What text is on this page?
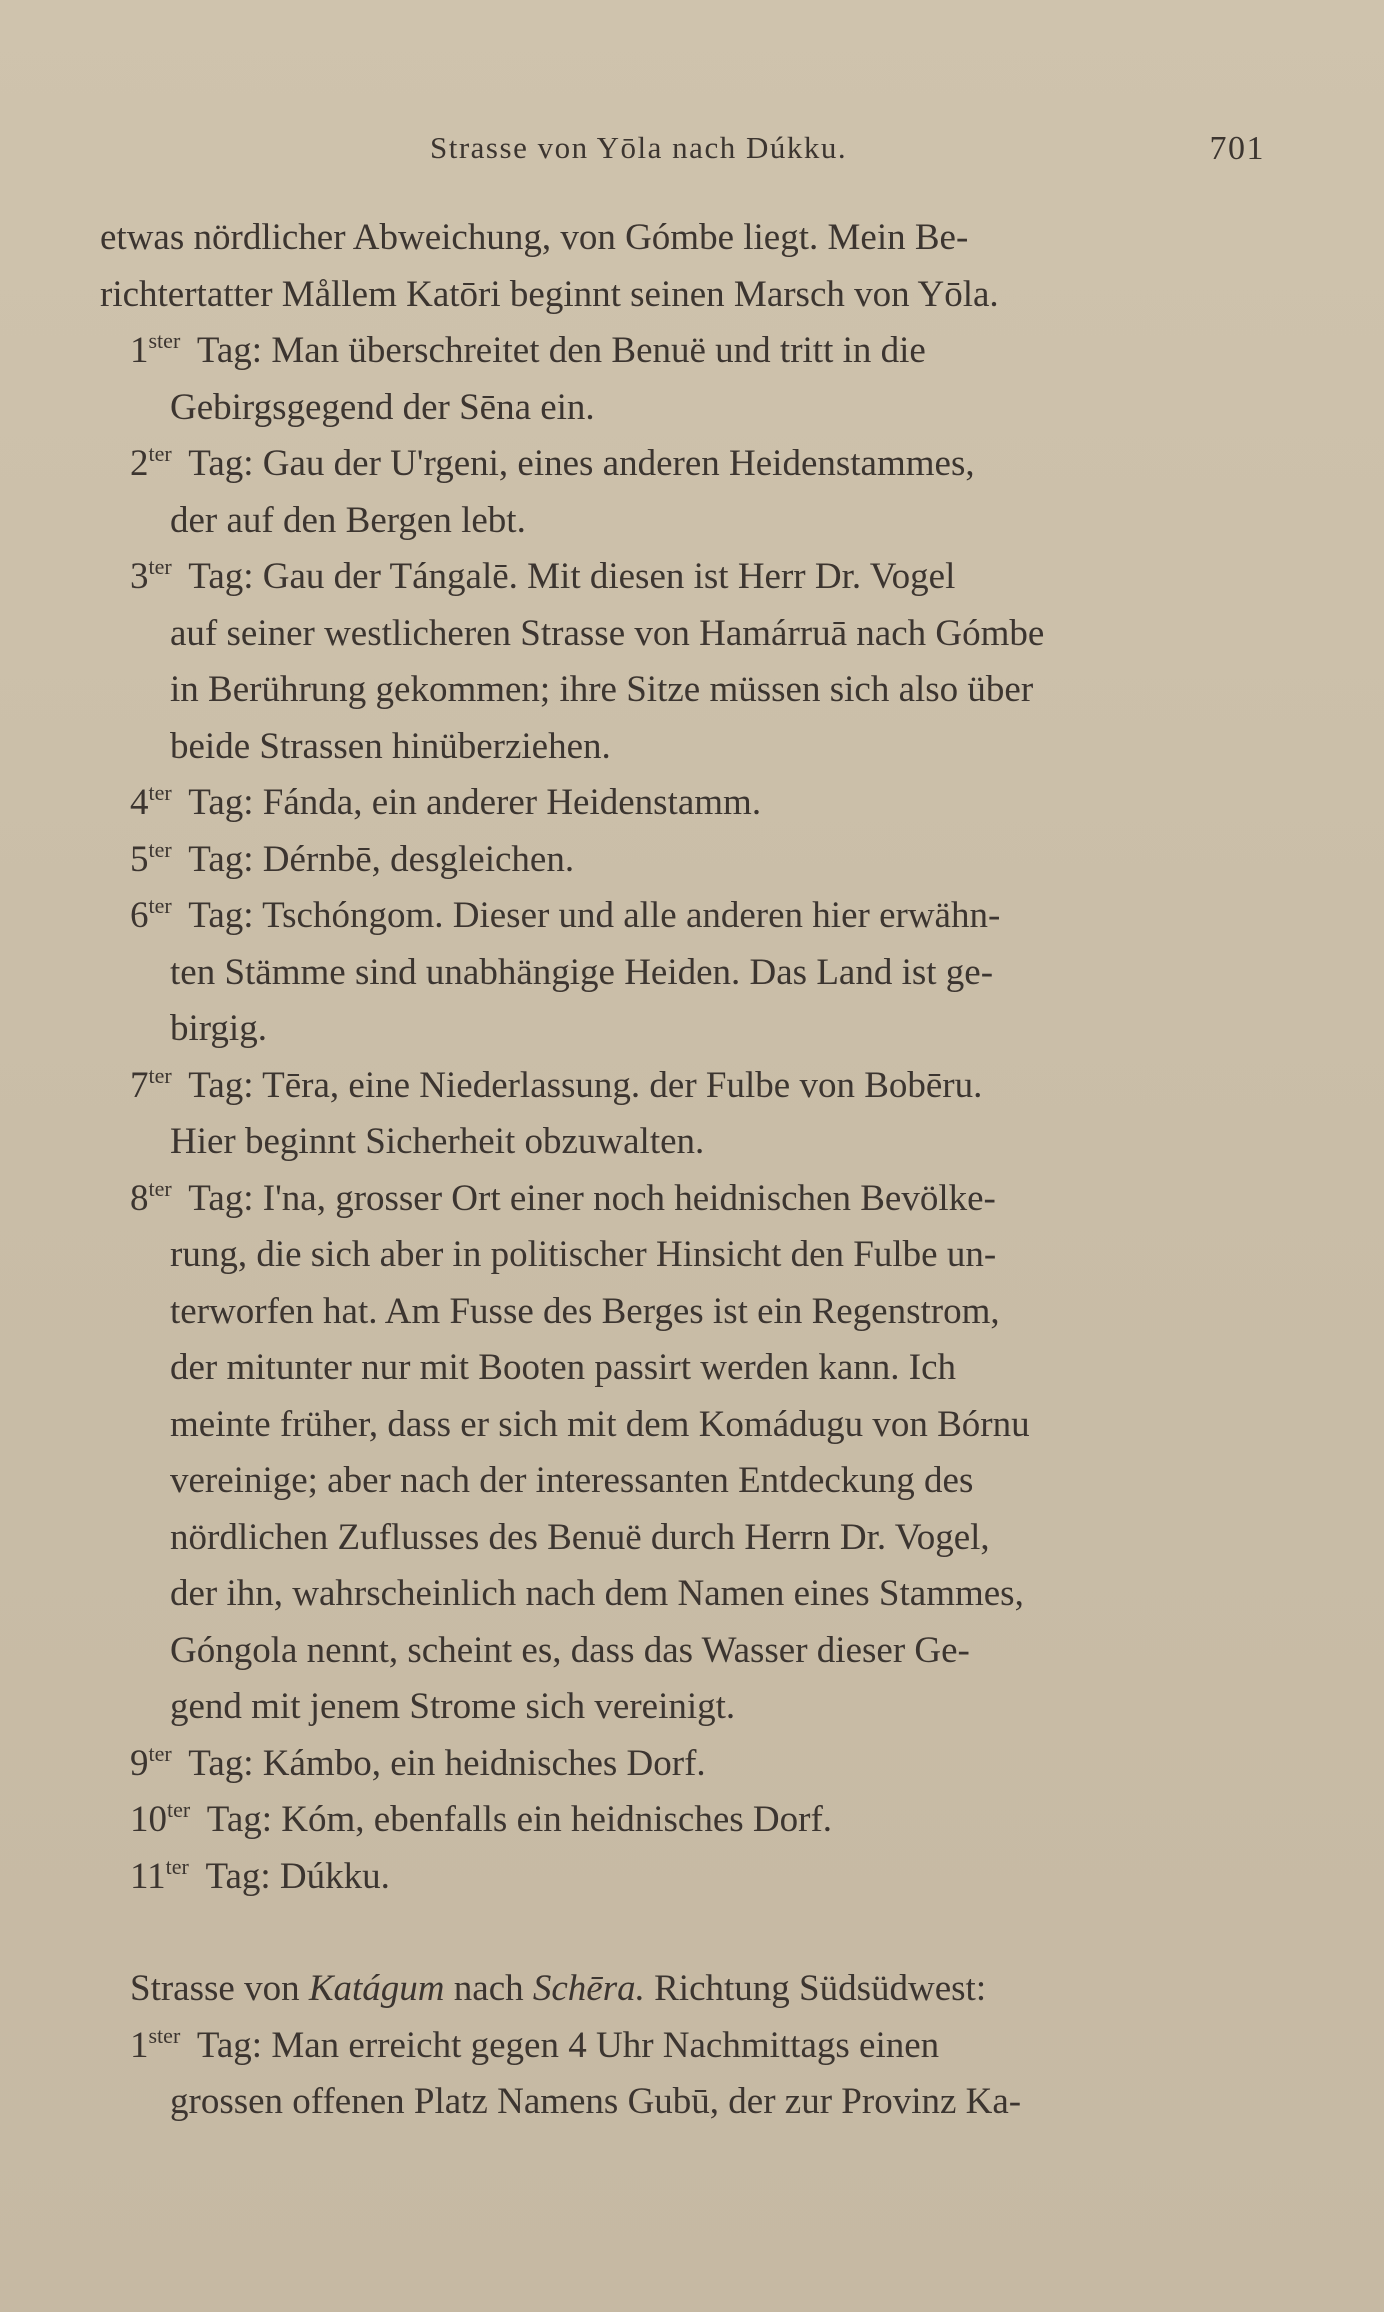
Strasse von Yōla nach Dúkku.	701
etwas nördlicher Abweichung, von Gómbe liegt. Mein Be-
richtertatter Mållem Katōri beginnt seinen Marsch von Yōla.
$1^{ster}$ Tag: Man überschreitet den Benuë und tritt in die
Gebirgsgegend der Sēna ein.
$2^{ter}$ Tag: Gau der U'rgeni, eines anderen Heidenstammes,
der auf den Bergen lebt.
$3^{ter}$ Tag: Gau der Tángalē. Mit diesen ist Herr Dr. Vogel
auf seiner westlicheren Strasse von Hamárruā nach Gómbe
in Berührung gekommen; ihre Sitze müssen sich also über
beide Strassen hinüberziehen.
$4^{ter}$ Tag: Fánda, ein anderer Heidenstamm.
$5^{ter}$ Tag: Dérnbē, desgleichen.
$6^{ter}$ Tag: Tschóngom. Dieser und alle anderen hier erwähn-
ten Stämme sind unabhängige Heiden. Das Land ist ge-
birgig.
$7^{ter}$ Tag: Tēra, eine Niederlassung. der Fulbe von Bobēru.
Hier beginnt Sicherheit obzuwalten.
$8^{ter}$ Tag: I'na, grosser Ort einer noch heidnischen Bevölke-
rung, die sich aber in politischer Hinsicht den Fulbe un-
terworfen hat. Am Fusse des Berges ist ein Regenstrom,
der mitunter nur mit Booten passirt werden kann. Ich
meinte früher, dass er sich mit dem Komádugu von Bórnu
vereinige; aber nach der interessanten Entdeckung des
nördlichen Zuflusses des Benuë durch Herrn Dr. Vogel,
der ihn, wahrscheinlich nach dem Namen eines Stammes,
Góngola nennt, scheint es, dass das Wasser dieser Ge-
gend mit jenem Strome sich vereinigt.
$9^{ter}$ Tag: Kámbo, ein heidnisches Dorf.
$10^{ter}$ Tag: Kóm, ebenfalls ein heidnisches Dorf.
$11^{ter}$ Tag: Dúkku.
Strasse von Katágum nach Schēra. Richtung Südsüdwest:
$1^{ster}$ Tag: Man erreicht gegen 4 Uhr Nachmittags einen
grossen offenen Platz Namens Gubū, der zur Provinz Ka-
